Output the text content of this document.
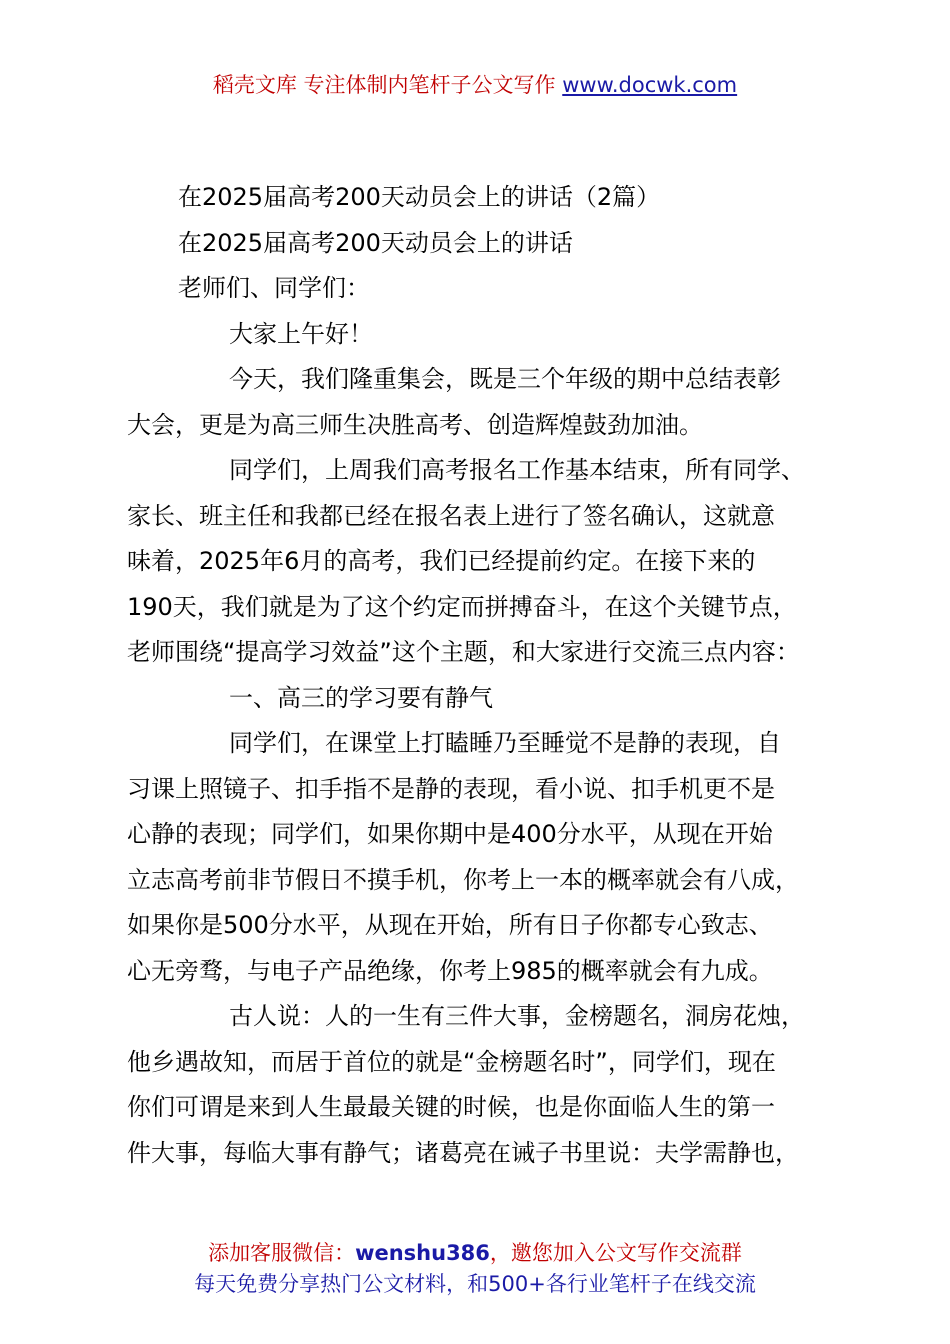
稻壳文库 专注体制内笔杆子公文写作 www.docwk.com

在2025届高考200天动员会上的讲话（2篇）

在2025届高考200天动员会上的讲话

老师们、同学们：

大家上午好！

今天，我们隆重集会，既是三个年级的期中总结表彰

大会，更是为高三师生决胜高考、创造辉煌鼓劲加油。

同学们，上周我们高考报名工作基本结束，所有同学、

家长、班主任和我都已经在报名表上进行了签名确认，这就意

味着，2025年6月的高考，我们已经提前约定。在接下来的

190天，我们就是为了这个约定而拼搏奋斗，在这个关键节点，

老师围绕“提高学习效益”这个主题，和大家进行交流三点内容：

一、高三的学习要有静气

同学们，在课堂上打瞌睡乃至睡觉不是静的表现，自

习课上照镜子、扣手指不是静的表现，看小说、扣手机更不是

心静的表现；同学们，如果你期中是400分水平，从现在开始

立志高考前非节假日不摸手机，你考上一本的概率就会有八成，

如果你是500分水平，从现在开始，所有日子你都专心致志、

心无旁骛，与电子产品绝缘，你考上985的概率就会有九成。

古人说：人的一生有三件大事，金榜题名，洞房花烛，

他乡遇故知，而居于首位的就是“金榜题名时”，同学们，现在

你们可谓是来到人生最最关键的时候，也是你面临人生的第一

件大事，每临大事有静气；诸葛亮在诫子书里说：夫学需静也，

添加客服微信：wenshu386，邀您加入公文写作交流群
每天免费分享热门公文材料，和500+各行业笔杆子在线交流
